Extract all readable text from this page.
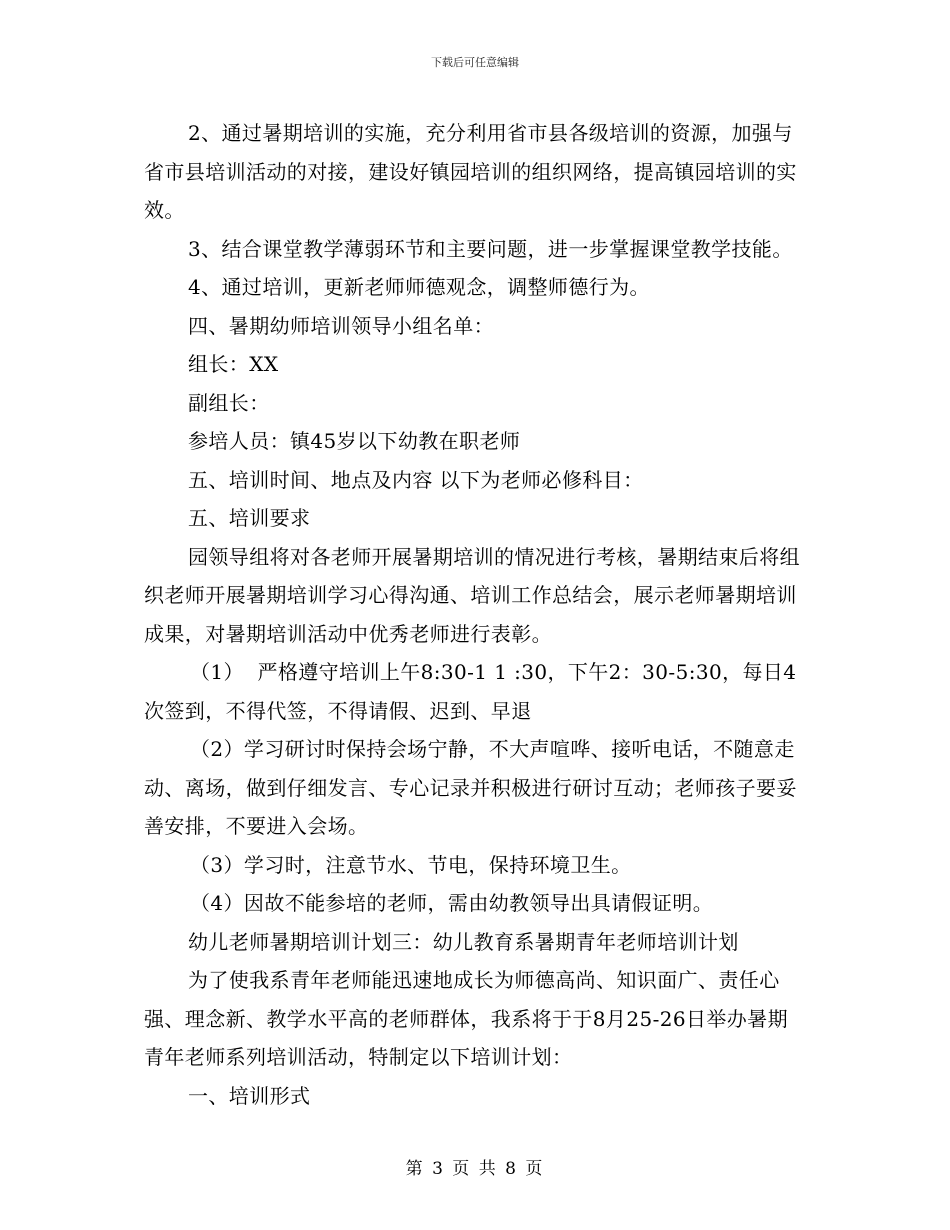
下载后可任意编辑

2、通过暑期培训的实施，充分利用省市县各级培训的资源，加强与省市县培训活动的对接，建设好镇园培训的组织网络，提高镇园培训的实效。

3、结合课堂教学薄弱环节和主要问题，进一步掌握课堂教学技能。

4、通过培训，更新老师师德观念，调整师德行为。

四、暑期幼师培训领导小组名单：

组长：XX

副组长：

参培人员：镇45岁以下幼教在职老师

五、培训时间、地点及内容 以下为老师必修科目：

五、培训要求

园领导组将对各老师开展暑期培训的情况进行考核，暑期结束后将组织老师开展暑期培训学习心得沟通、培训工作总结会，展示老师暑期培训成果，对暑期培训活动中优秀老师进行表彰。

（1）  严格遵守培训上午8:30-1 1 :30，下午2：30-5:30，每日4次签到，不得代签，不得请假、迟到、早退

（2）学习研讨时保持会场宁静，不大声喧哗、接听电话，不随意走动、离场，做到仔细发言、专心记录并积极进行研讨互动；老师孩子要妥善安排，不要进入会场。

（3）学习时，注意节水、节电，保持环境卫生。

（4）因故不能参培的老师，需由幼教领导出具请假证明。

幼儿老师暑期培训计划三：幼儿教育系暑期青年老师培训计划

为了使我系青年老师能迅速地成长为师德高尚、知识面广、责任心强、理念新、教学水平高的老师群体，我系将于于8月25-26日举办暑期青年老师系列培训活动，特制定以下培训计划：

一、培训形式

第 3 页 共 8 页
